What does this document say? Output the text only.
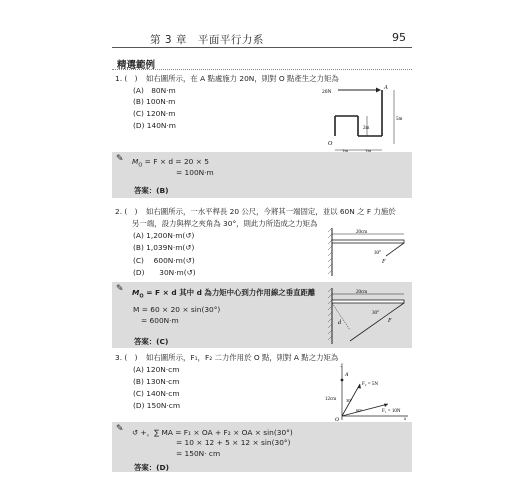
第 3 章　平面平行力系	95
精選範例
1. (　) 如右圖所示，在 A 點處施力 20N，則對 O 點產生之力矩為
(A)　80N‧m
(B) 100N‧m
(C) 120N‧m
(D) 140N‧m
20N
A
5m
2m
O
✎ $M_O = F \times d = 20 \times 5$
= 100N‧m
答案：(B)
2. (　) 如右圖所示，一水平桿長 20 公尺，今將其一端固定，並以 60N 之 F 力施於
另一端，設力與桿之夾角為 30°，則此力所造成之力矩為
(A) 1,200N‧m(↺)
(B) 1,039N‧m(↺)
(C)　 600N‧m(↺)
(D)　　30N‧m(↺)
20cm
30°
F
✎ $M_O = F \times d$ 其中 d 為力矩中心到力作用線之垂直距離
M = 60 × 20 × sin(30°)
= 600N‧m
答案：(C)
20cm
30°
F
d
3. (　) 如右圖所示，F₁，F₂ 二力作用於 O 點，則對 A 點之力矩為
(A) 120N‧cm
(B) 130N‧cm
(C) 140N‧cm
(D) 150N‧cm
y
x
A
O
F₂ = 5N
F₁ = 10N
12cm 30°
60°
✎ ↺ +，∑ MA = F₁ × OA + F₂ × OA × sin(30°)
= 10 × 12 + 5 × 12 × sin(30°)
= 150N‧ cm
答案：(D)
